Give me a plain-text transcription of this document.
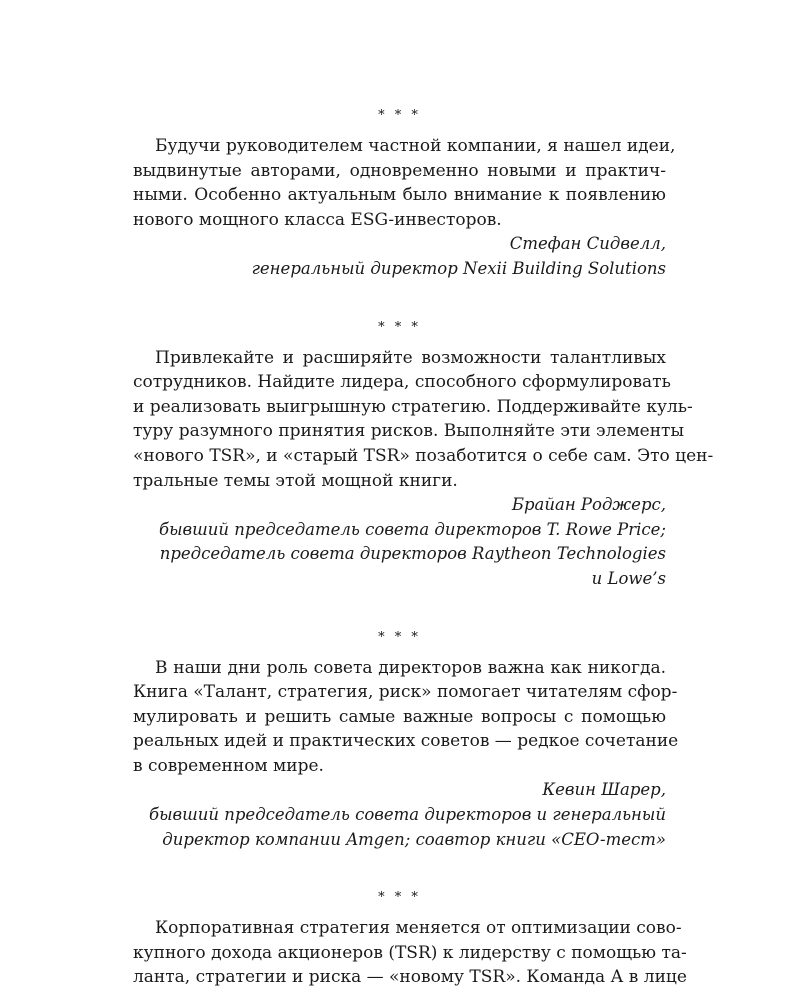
* * *
Будучи руководителем частной компании, я нашел идеи,
выдвинутые авторами, одновременно новыми и практич-
ными. Особенно актуальным было внимание к появлению
нового мощного класса ESG-инвесторов.
Стефан Сидвелл,
генеральный директор Nexii Building Solutions
* * *
Привлекайте и расширяйте возможности талантливых
сотрудников. Найдите лидера, способного сформулировать
и реализовать выигрышную стратегию. Поддерживайте куль-
туру разумного принятия рисков. Выполняйте эти элементы
«нового TSR», и «старый TSR» позаботится о себе сам. Это цен-
тральные темы этой мощной книги.
Брайан Роджерс,
бывший председатель совета директоров T. Rowe Price;
председатель совета директоров Raytheon Technologies
и Lowe’s
* * *
В наши дни роль совета директоров важна как никогда.
Книга «Талант, стратегия, риск» помогает читателям сфор-
мулировать и решить самые важные вопросы с помощью
реальных идей и практических советов — редкое сочетание
в современном мире.
Кевин Шарер,
бывший председатель совета директоров и генеральный
директор компании Amgen; соавтор книги «CEO-тест»
* * *
Корпоративная стратегия меняется от оптимизации сово-
купного дохода акционеров (TSR) к лидерству с помощью та-
ланта, стратегии и риска — «новому TSR». Команда А в лице
